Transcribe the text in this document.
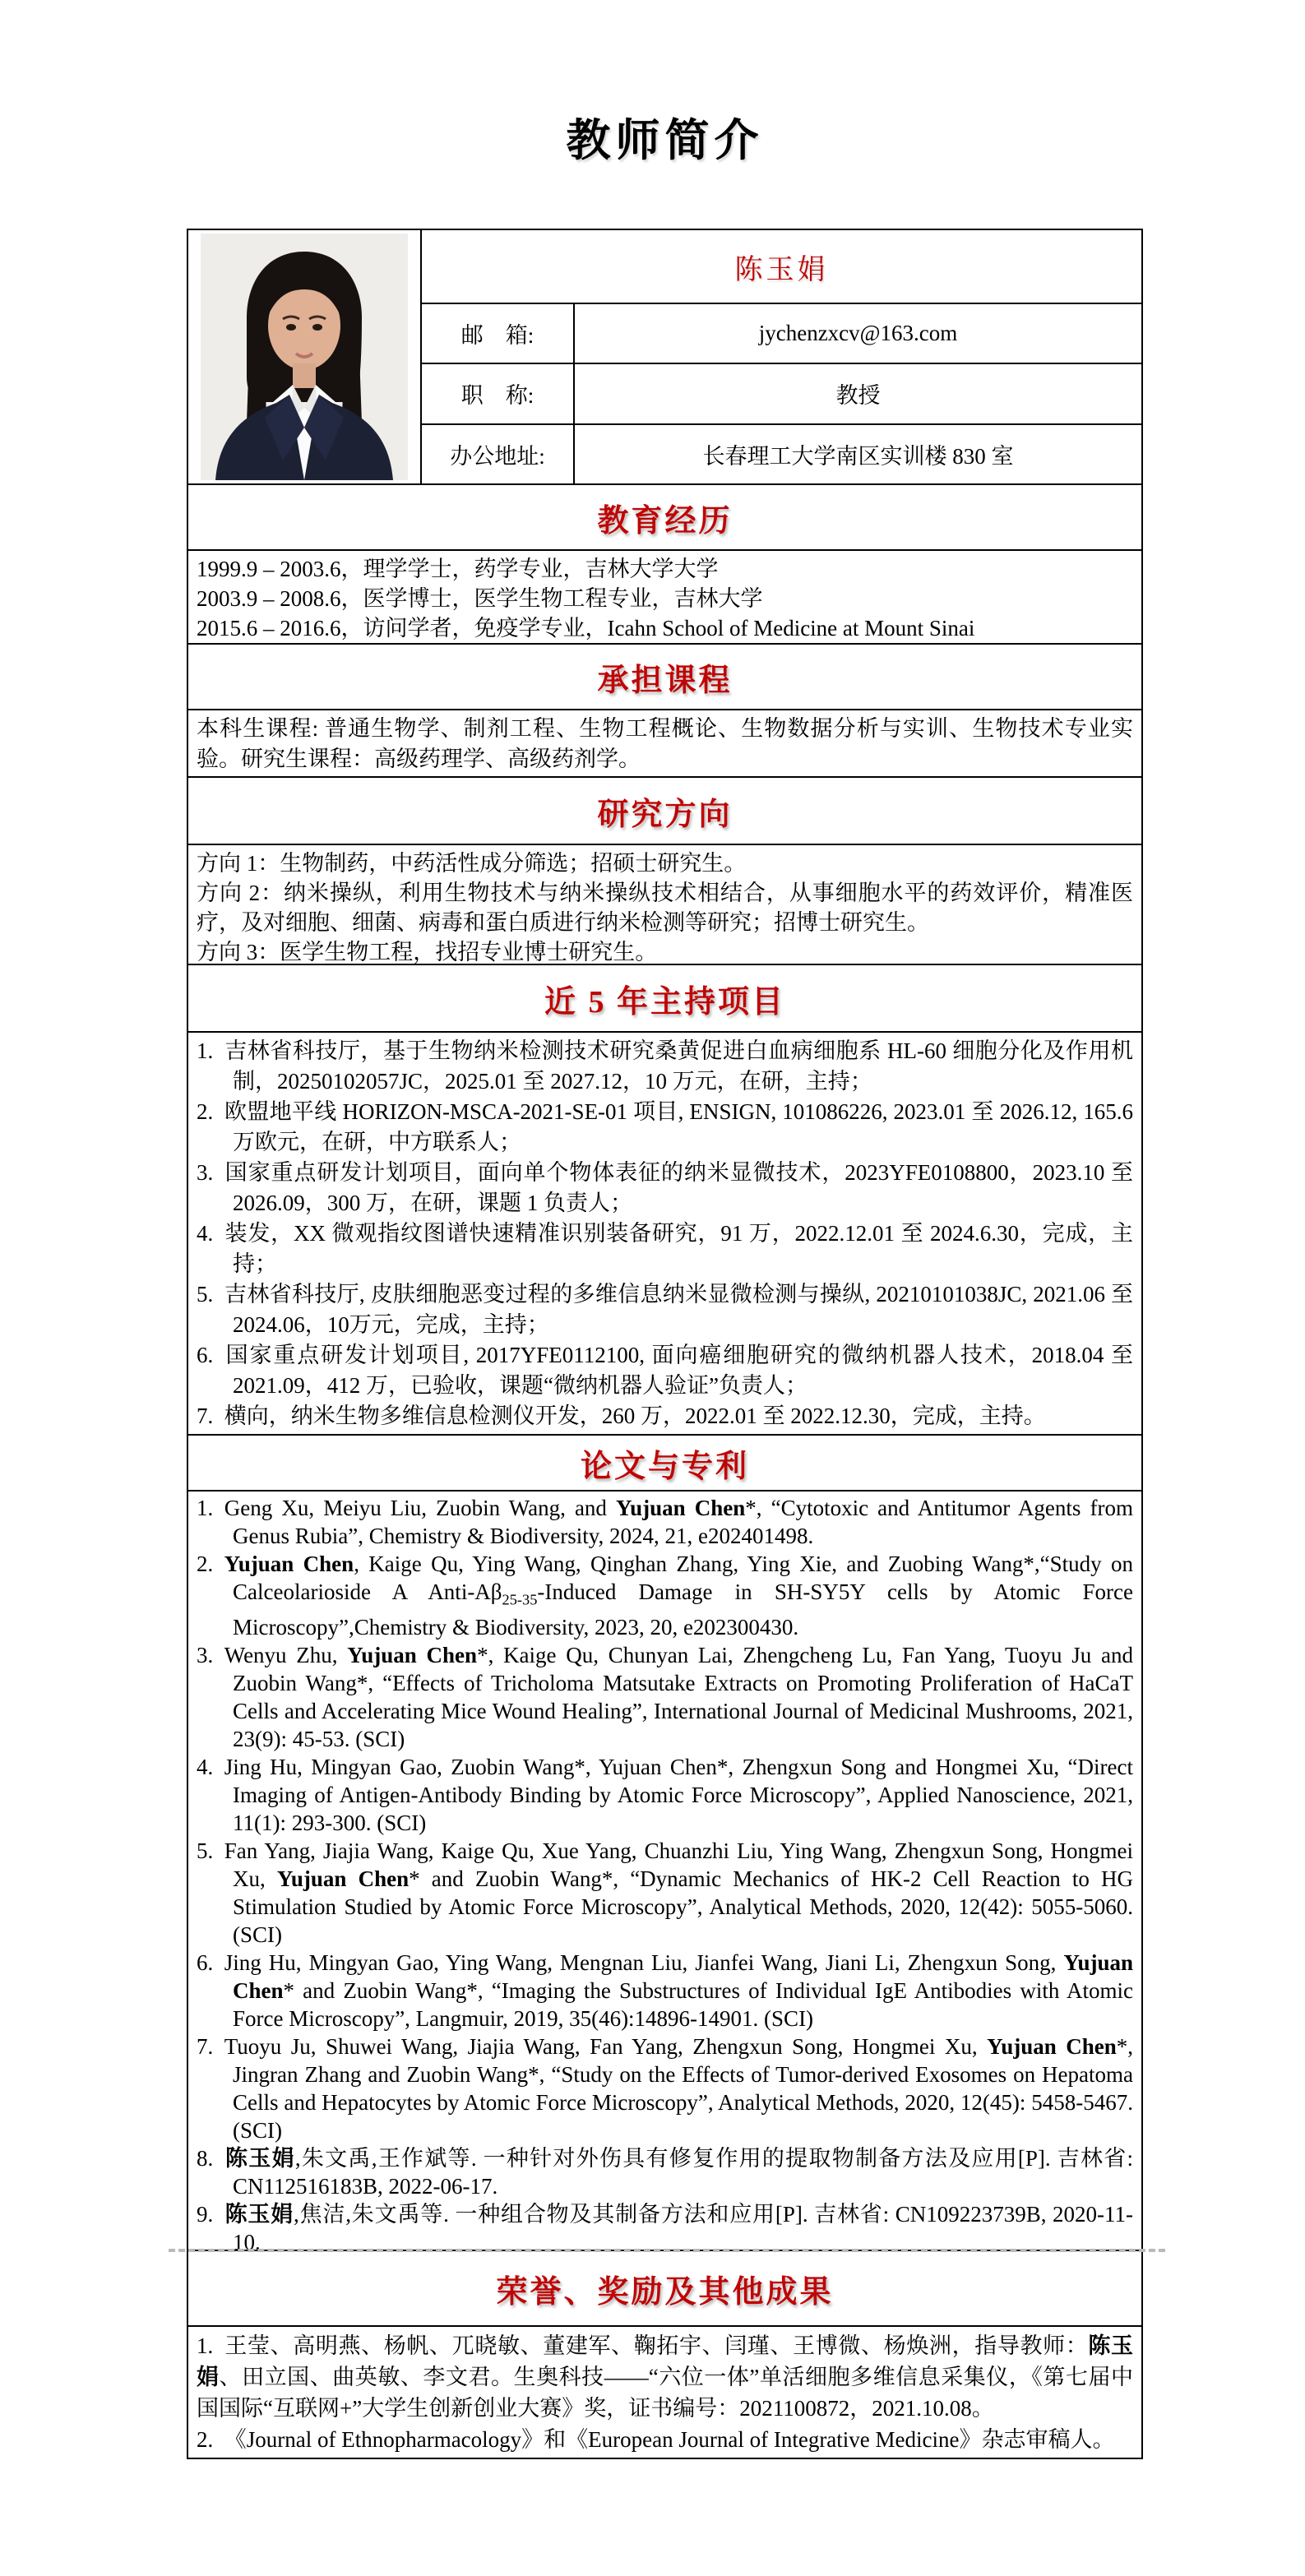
教师简介
陈玉娟
邮　箱:	jychenzxcv@163.com
职　称:	教授
办公地址:	长春理工大学南区实训楼 830 室
教育经历
1999.9 – 2003.6，理学学士，药学专业，吉林大学大学
2003.9 – 2008.6，医学博士，医学生物工程专业，吉林大学
2015.6 – 2016.6，访问学者，免疫学专业，Icahn School of Medicine at Mount Sinai
承担课程
本科生课程: 普通生物学、制剂工程、生物工程概论、生物数据分析与实训、生物技术专业实验。研究生课程：高级药理学、高级药剂学。
研究方向
方向 1：生物制药，中药活性成分筛选；招硕士研究生。
方向 2：纳米操纵，利用生物技术与纳米操纵技术相结合，从事细胞水平的药效评价，精准医疗，及对细胞、细菌、病毒和蛋白质进行纳米检测等研究；招博士研究生。
方向 3：医学生物工程，找招专业博士研究生。
近 5 年主持项目
吉林省科技厅，基于生物纳米检测技术研究桑黄促进白血病细胞系 HL-60 细胞分化及作用机制，20250102057JC，2025.01 至 2027.12，10 万元，在研，主持；
欧盟地平线 HORIZON-MSCA-2021-SE-01 项目, ENSIGN, 101086226, 2023.01 至 2026.12, 165.6 万欧元，在研，中方联系人；
国家重点研发计划项目，面向单个物体表征的纳米显微技术，2023YFE0108800，2023.10 至 2026.09，300 万，在研，课题 1 负责人；
装发，XX 微观指纹图谱快速精准识别装备研究，91 万，2022.12.01 至 2024.6.30，完成，主持；
吉林省科技厅, 皮肤细胞恶变过程的多维信息纳米显微检测与操纵, 20210101038JC, 2021.06 至2024.06，10万元，完成，主持；
国家重点研发计划项目, 2017YFE0112100, 面向癌细胞研究的微纳机器人技术，2018.04 至 2021.09，412 万，已验收，课题“微纳机器人验证”负责人；
横向，纳米生物多维信息检测仪开发，260 万，2022.01 至 2022.12.30，完成，主持。
论文与专利
Geng Xu, Meiyu Liu, Zuobin Wang, and Yujuan Chen*, “Cytotoxic and Antitumor Agents from Genus Rubia”, Chemistry & Biodiversity, 2024, 21, e202401498.
Yujuan Chen, Kaige Qu, Ying Wang, Qinghan Zhang, Ying Xie, and Zuobing Wang*,“Study on Calceolarioside A Anti-$A\beta_{25-35}$-Induced Damage in SH-SY5Y cells by Atomic Force Microscopy”,Chemistry & Biodiversity, 2023, 20, e202300430.
Wenyu Zhu, Yujuan Chen*, Kaige Qu, Chunyan Lai, Zhengcheng Lu, Fan Yang, Tuoyu Ju and Zuobin Wang*, “Effects of Tricholoma Matsutake Extracts on Promoting Proliferation of HaCaT Cells and Accelerating Mice Wound Healing”, International Journal of Medicinal Mushrooms, 2021, 23(9): 45-53. (SCI)
Jing Hu, Mingyan Gao, Zuobin Wang*, Yujuan Chen*, Zhengxun Song and Hongmei Xu, “Direct Imaging of Antigen-Antibody Binding by Atomic Force Microscopy”, Applied Nanoscience, 2021, 11(1): 293-300. (SCI)
Fan Yang, Jiajia Wang, Kaige Qu, Xue Yang, Chuanzhi Liu, Ying Wang, Zhengxun Song, Hongmei Xu, Yujuan Chen* and Zuobin Wang*, “Dynamic Mechanics of HK-2 Cell Reaction to HG Stimulation Studied by Atomic Force Microscopy”, Analytical Methods, 2020, 12(42): 5055-5060. (SCI)
Jing Hu, Mingyan Gao, Ying Wang, Mengnan Liu, Jianfei Wang, Jiani Li, Zhengxun Song, Yujuan Chen* and Zuobin Wang*, “Imaging the Substructures of Individual IgE Antibodies with Atomic Force Microscopy”, Langmuir, 2019, 35(46):14896-14901. (SCI)
Tuoyu Ju, Shuwei Wang, Jiajia Wang, Fan Yang, Zhengxun Song, Hongmei Xu, Yujuan Chen*, Jingran Zhang and Zuobin Wang*, “Study on the Effects of Tumor-derived Exosomes on Hepatoma Cells and Hepatocytes by Atomic Force Microscopy”, Analytical Methods, 2020, 12(45): 5458-5467. (SCI)
陈玉娟,朱文禹,王作斌等. 一种针对外伤具有修复作用的提取物制备方法及应用[P]. 吉林省: CN112516183B, 2022-06-17.
陈玉娟,焦洁,朱文禹等. 一种组合物及其制备方法和应用[P]. 吉林省: CN109223739B, 2020-11-10.
荣誉、奖励及其他成果
王莹、高明燕、杨帆、兀晓敏、董建军、鞠拓宇、闫瑾、王博微、杨焕洲，指导教师：陈玉娟、田立国、曲英敏、李文君。生奥科技——“六位一体”单活细胞多维信息采集仪，《第七届中国国际“互联网+”大学生创新创业大赛》奖，证书编号：2021100872，2021.10.08。
《Journal of Ethnopharmacology》和《European Journal of Integrative Medicine》杂志审稿人。
